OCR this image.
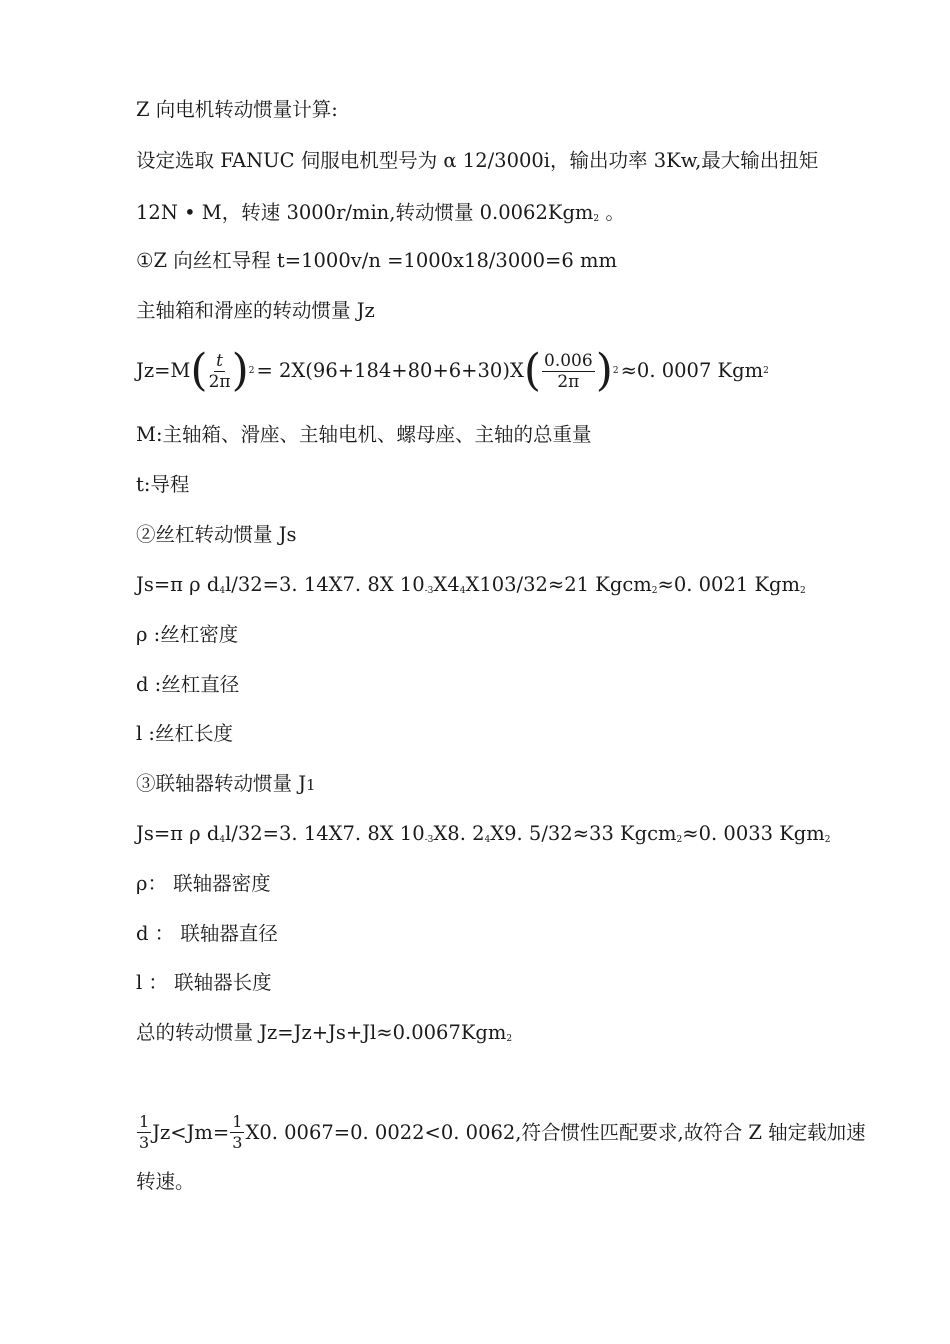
Z 向电机转动惯量计算:
设定选取 FANUC 伺服电机型号为 α 12/3000i，输出功率 3Kw,最大输出扭矩
12N • M，转速 3000r/min,转动惯量 0.0062Kgm$_2$ 。
①Z 向丝杠导程 t=1000v/n =1000x18/3000=6 mm
主轴箱和滑座的转动惯量 Jz
Jz=M ( $\frac{t}{2\pi}$ ) 2 = 2X(96+184+80+6+30)X ( $\frac{0.006}{2\pi}$ ) 2 ≈0. 0007 Kgm 2
M:主轴箱、滑座、主轴电机、螺母座、主轴的总重量
t:导程
②丝杠转动惯量 Js
Js=π ρ $d_4l/32=3$. 14X7. 8X $10_{-3}X4_4X103/32\approx 21$ Kgcm$_2$≈0. 0021 Kgm$_2$
ρ :丝杠密度
d :丝杠直径
l :丝杠长度
③联轴器转动惯量 J1
Js=π ρ $d_4l/32=3$. 14X7. 8X $10_{-3}X8$. $2_4X9$. 5/32≈33 Kgcm$_2$≈0. 0033 Kgm$_2$
ρ： 联轴器密度
d ： 联轴器直径
l ： 联轴器长度
总的转动惯量 Jz=Jz+Js+Jl≈0.0067Kgm$_2$
$\frac{1}{3} Jz<Jm= \frac{1}{3} X0$. 0067=0. 0022<0. 0062,符合惯性匹配要求,故符合 Z 轴定载加速
转速。
